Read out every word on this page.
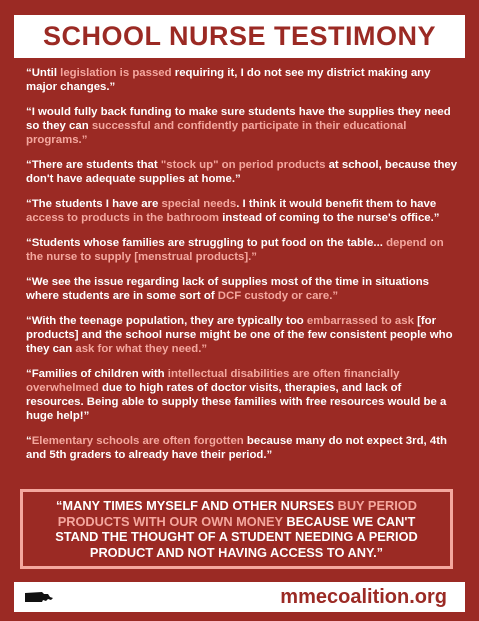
SCHOOL NURSE TESTIMONY

“Until legislation is passed requiring it, I do not see my district making any major changes.”

“I would fully back funding to make sure students have the supplies they need so they can successful and confidently participate in their educational programs.”

“There are students that "stock up" on period products at school, because they don't have adequate supplies at home.”

“The students I have are special needs. I think it would benefit them to have access to products in the bathroom instead of coming to the nurse's office.”

“Students whose families are struggling to put food on the table... depend on the nurse to supply [menstrual products].”

“We see the issue regarding lack of supplies most of the time in situations where students are in some sort of DCF custody or care.”

“With the teenage population, they are typically too embarrassed to ask [for products] and the school nurse might be one of the few consistent people who they can ask for what they need.”

“Families of children with intellectual disabilities are often financially overwhelmed due to high rates of doctor visits, therapies, and lack of resources. Being able to supply these families with free resources would be a huge help!”

“Elementary schools are often forgotten because many do not expect 3rd, 4th and 5th graders to already have their period.”

“MANY TIMES MYSELF AND OTHER NURSES BUY PERIOD PRODUCTS WITH OUR OWN MONEY BECAUSE WE CAN'T STAND THE THOUGHT OF A STUDENT NEEDING A PERIOD PRODUCT AND NOT HAVING ACCESS TO ANY.”

mmecoalition.org
